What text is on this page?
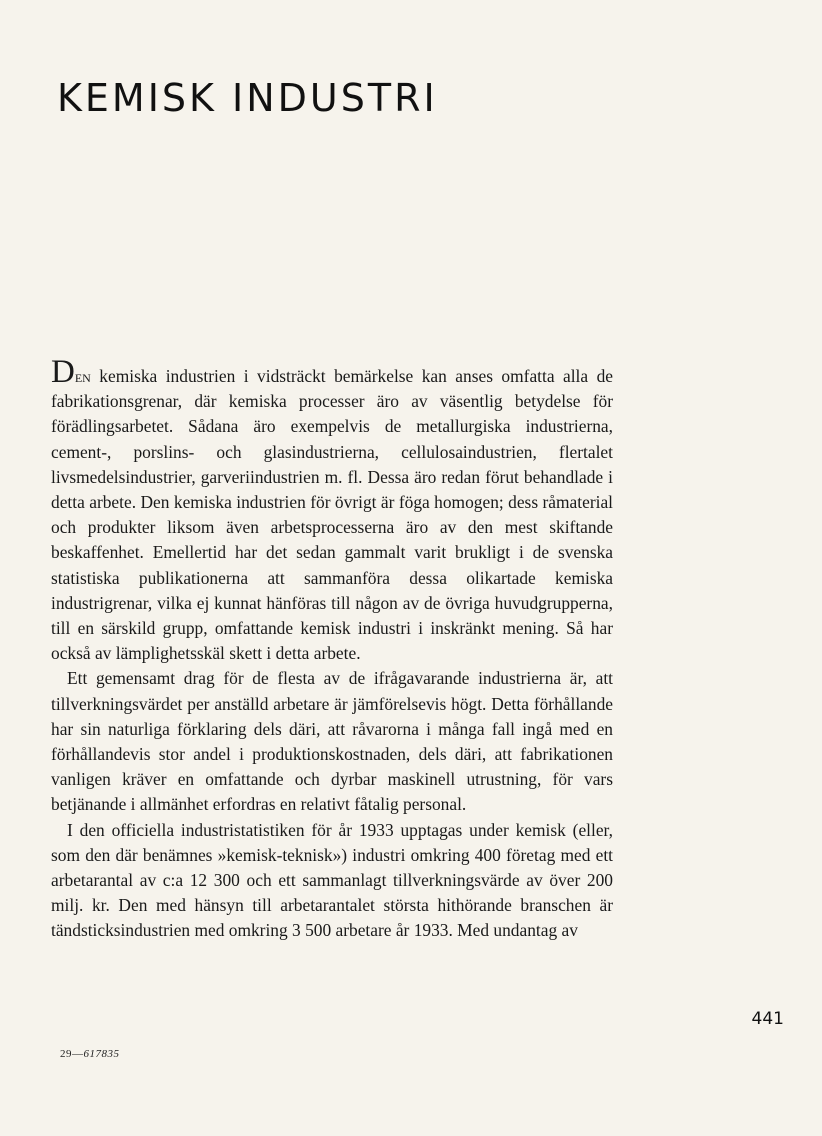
KEMISK INDUSTRI

Den kemiska industrien i vidsträckt bemärkelse kan anses omfatta alla de fabrikationsgrenar, där kemiska processer äro av väsentlig betydelse för förädlingsarbetet. Sådana äro exempelvis de metallurgiska industrierna, cement-, porslins- och glasindustrierna, cellulosaindustrien, flertalet livsmedelsindustrier, garveriindustrien m. fl. Dessa äro redan förut behandlade i detta arbete. Den kemiska industrien för övrigt är föga homogen; dess råmaterial och produkter liksom även arbetsprocesserna äro av den mest skiftande beskaffenhet. Emellertid har det sedan gammalt varit brukligt i de svenska statistiska publikationerna att sammanföra dessa olikartade kemiska industrigrenar, vilka ej kunnat hänföras till någon av de övriga huvudgrupperna, till en särskild grupp, omfattande kemisk industri i inskränkt mening. Så har också av lämplighetsskäl skett i detta arbete.

Ett gemensamt drag för de flesta av de ifrågavarande industrierna är, att tillverkningsvärdet per anställd arbetare är jämförelsevis högt. Detta förhållande har sin naturliga förklaring dels däri, att råvarorna i många fall ingå med en förhållandevis stor andel i produktionskostnaden, dels däri, att fabrikationen vanligen kräver en omfattande och dyrbar maskinell utrustning, för vars betjänande i allmänhet erfordras en relativt fåtalig personal.

I den officiella industristatistiken för år 1933 upptagas under kemisk (eller, som den där benämnes »kemisk-teknisk») industri omkring 400 företag med ett arbetarantal av c:a 12 300 och ett sammanlagt tillverkningsvärde av över 200 milj. kr. Den med hänsyn till arbetarantalet största hithörande branschen är tändsticksindustrien med omkring 3 500 arbetare år 1933. Med undantag av

441
29—617835
